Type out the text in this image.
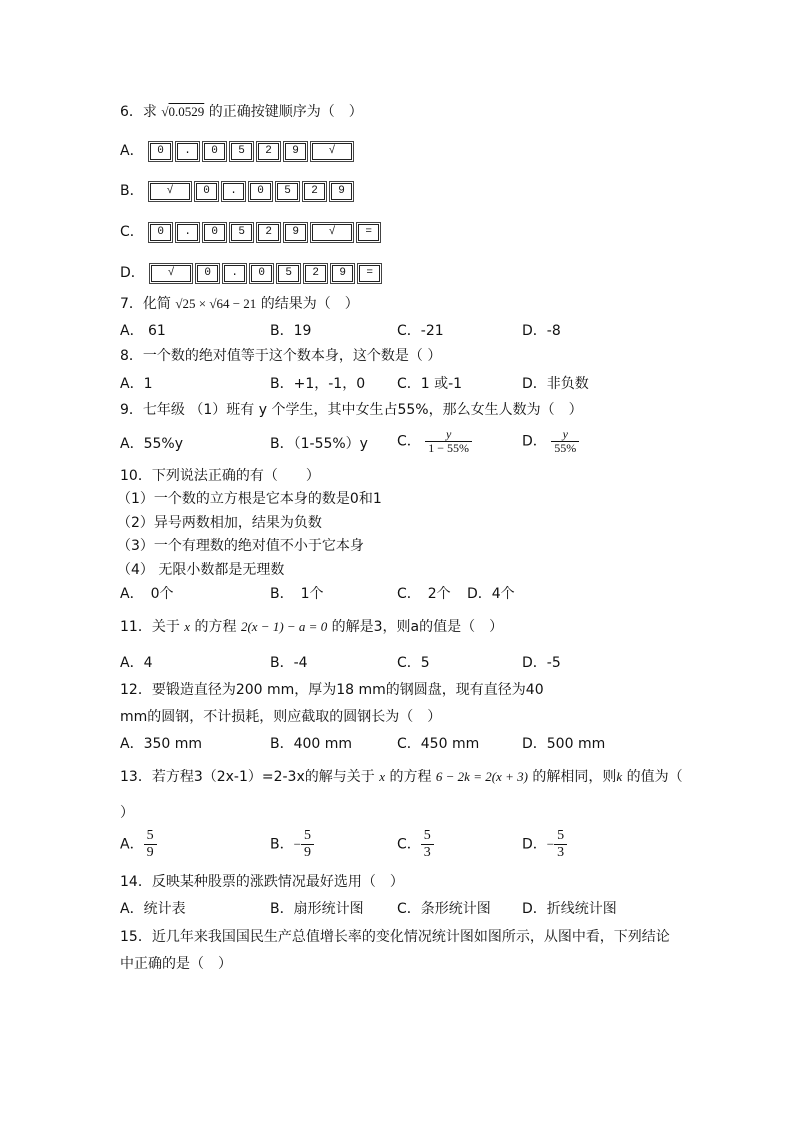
6．求 √0.0529 的正确按键顺序为（　）
A．	0	.	0	5	2	9	√
B．	√	0	.	0	5	2	9
C．	0	.	0	5	2	9	√	=
D．	√	0	.	0	5	2	9	=
7．化简 √25 × √64 − 21 的结果为（　）
A． 61	B．19	C．-21	D．-8
8．一个数的绝对值等于这个数本身，这个数是（ ）
A．1	B．+1，-1，0 C．1 或-1	D．非负数
9．七年级 （1）班有 y 个学生，其中女生占55%，那么女生人数为（　）
A．55%y	B．（1-55%）y C． $\frac{y}{1 - 55\%}$	D． $\frac{y}{55\%}$
10．下列说法正确的有（　　）
（1）一个数的立方根是它本身的数是0和1
（2）异号两数相加，结果为负数
（3）一个有理数的绝对值不小于它本身
（4） 无限小数都是无理数
A．　0个	B．　1个	C．　2个 D．4个
11．关于 x 的方程 2(x − 1) − a = 0 的解是3，则a的值是（　）
A．4	B．-4	C．5	D．-5
12．要锻造直径为200 mm，厚为18 mm的钢圆盘，现有直径为40
mm的圆钢，不计损耗，则应截取的圆钢长为（　）
A．350 mm	B．400 mm	C．450 mm	D．500 mm
13．若方程3（2x-1）=2-3x的解与关于 x 的方程 6 − 2k = 2(x + 3) 的解相同，则k 的值为（
）
A． $\frac{5}{9}$	B．− $\frac{5}{9}$	C． $\frac{5}{3}$	D．− $\frac{5}{3}$
14．反映某种股票的涨跌情况最好选用（　）
A．统计表	B．扇形统计图 C．条形统计图 D．折线统计图
15．近几年来我国国民生产总值增长率的变化情况统计图如图所示，从图中看，下列结论
中正确的是（　）
